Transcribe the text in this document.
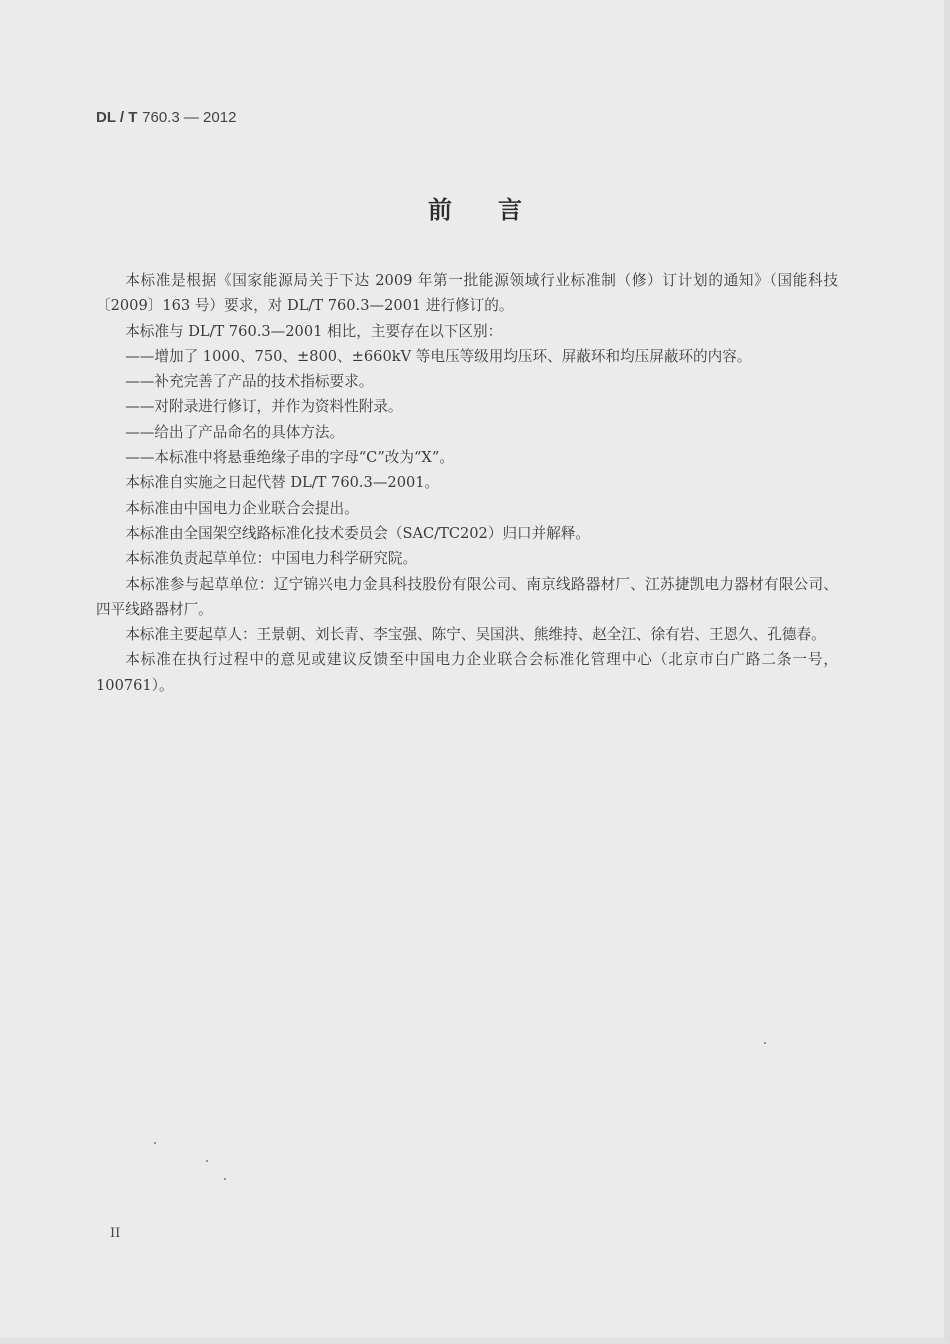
DL / T 760.3 — 2012
前言

本标准是根据《国家能源局关于下达 2009 年第一批能源领域行业标准制（修）订计划的通知》（国能科技〔2009〕163 号）要求，对 DL/T 760.3—2001 进行修订的。

本标准与 DL/T 760.3—2001 相比，主要存在以下区别：

——增加了 1000、750、±800、±660kV 等电压等级用均压环、屏蔽环和均压屏蔽环的内容。

——补充完善了产品的技术指标要求。

——对附录进行修订，并作为资料性附录。

——给出了产品命名的具体方法。

——本标准中将悬垂绝缘子串的字母“C”改为“X”。

本标准自实施之日起代替 DL/T 760.3—2001。

本标准由中国电力企业联合会提出。

本标准由全国架空线路标准化技术委员会（SAC/TC202）归口并解释。

本标准负责起草单位：中国电力科学研究院。

本标准参与起草单位：辽宁锦兴电力金具科技股份有限公司、南京线路器材厂、江苏捷凯电力器材有限公司、四平线路器材厂。

本标准主要起草人：王景朝、刘长青、李宝强、陈宁、吴国洪、熊维持、赵全江、徐有岩、王恩久、孔德春。

本标准在执行过程中的意见或建议反馈至中国电力企业联合会标准化管理中心（北京市白广路二条一号，100761）。

II
